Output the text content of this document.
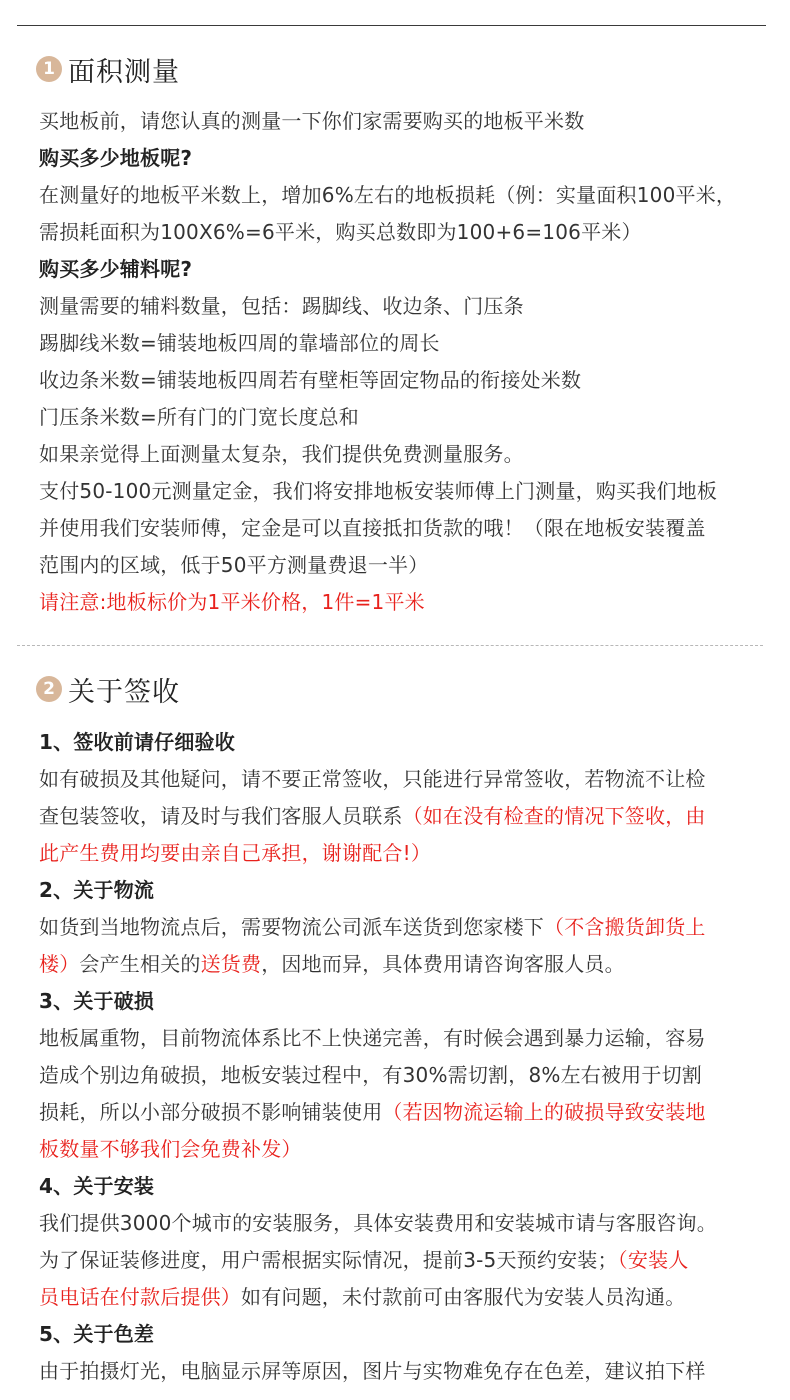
1 面积测量
买地板前，请您认真的测量一下你们家需要购买的地板平米数
购买多少地板呢?
在测量好的地板平米数上，增加6%左右的地板损耗（例：实量面积100平米，
需损耗面积为100X6%=6平米，购买总数即为100+6=106平米）
购买多少辅料呢?
测量需要的辅料数量，包括：踢脚线、收边条、门压条
踢脚线米数=铺装地板四周的靠墙部位的周长
收边条米数=铺装地板四周若有壁柜等固定物品的衔接处米数
门压条米数=所有门的门宽长度总和
如果亲觉得上面测量太复杂，我们提供免费测量服务。
支付50-100元测量定金，我们将安排地板安装师傅上门测量，购买我们地板
并使用我们安装师傅，定金是可以直接抵扣货款的哦！（限在地板安装覆盖
范围内的区域，低于50平方测量费退一半）
请注意:地板标价为1平米价格，1件=1平米
2 关于签收
1、签收前请仔细验收
如有破损及其他疑问，请不要正常签收，只能进行异常签收，若物流不让检
查包装签收，请及时与我们客服人员联系（如在没有检查的情况下签收，由
此产生费用均要由亲自己承担，谢谢配合!）
2、关于物流
如货到当地物流点后，需要物流公司派车送货到您家楼下（不含搬货卸货上
楼）会产生相关的送货费，因地而异，具体费用请咨询客服人员。
3、关于破损
地板属重物，目前物流体系比不上快递完善，有时候会遇到暴力运输，容易
造成个别边角破损，地板安装过程中，有30%需切割，8%左右被用于切割
损耗，所以小部分破损不影响铺装使用（若因物流运输上的破损导致安装地
板数量不够我们会免费补发）
4、关于安装
我们提供3000个城市的安装服务，具体安装费用和安装城市请与客服咨询。
为了保证装修进度，用户需根据实际情况，提前3-5天预约安装；（安装人
员电话在付款后提供）如有问题，未付款前可由客服代为安装人员沟通。
5、关于色差
由于拍摄灯光，电脑显示屏等原因，图片与实物难免存在色差，建议拍下样
